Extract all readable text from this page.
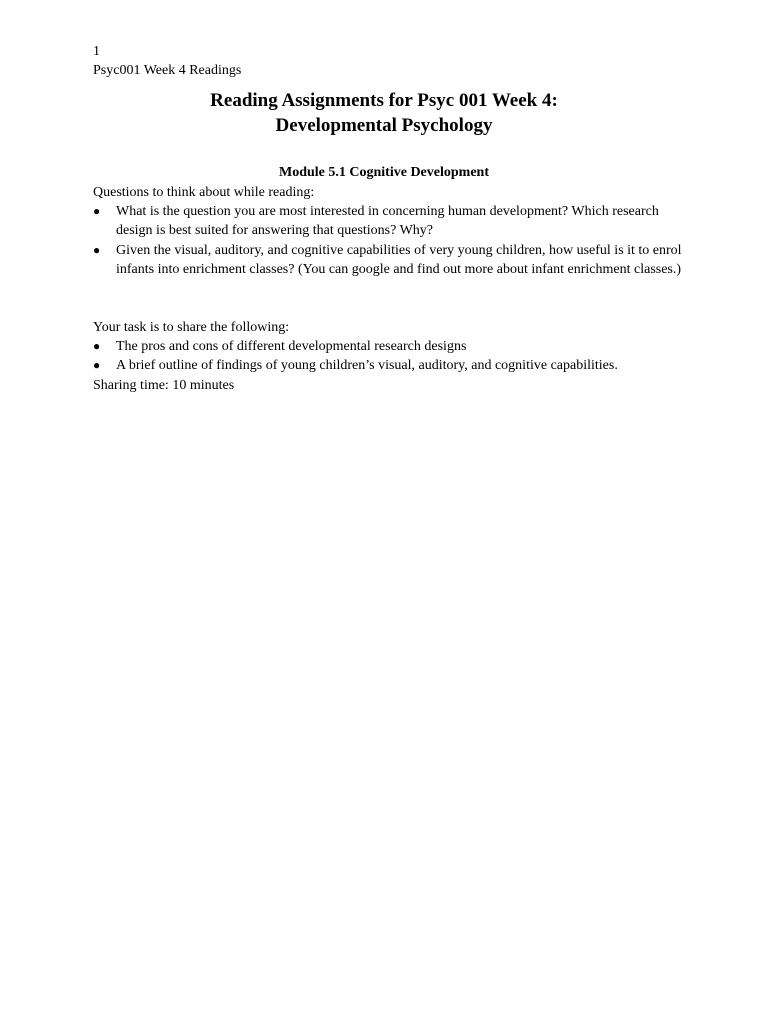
1
Psyc001 Week 4 Readings
Reading Assignments for Psyc 001 Week 4:
Developmental Psychology
Module 5.1 Cognitive Development
Questions to think about while reading:
● What is the question you are most interested in concerning human development? Which research design is best suited for answering that questions? Why?
● Given the visual, auditory, and cognitive capabilities of very young children, how useful is it to enrol infants into enrichment classes? (You can google and find out more about infant enrichment classes.)
Your task is to share the following:
● The pros and cons of different developmental research designs
● A brief outline of findings of young children’s visual, auditory, and cognitive capabilities.
Sharing time: 10 minutes
